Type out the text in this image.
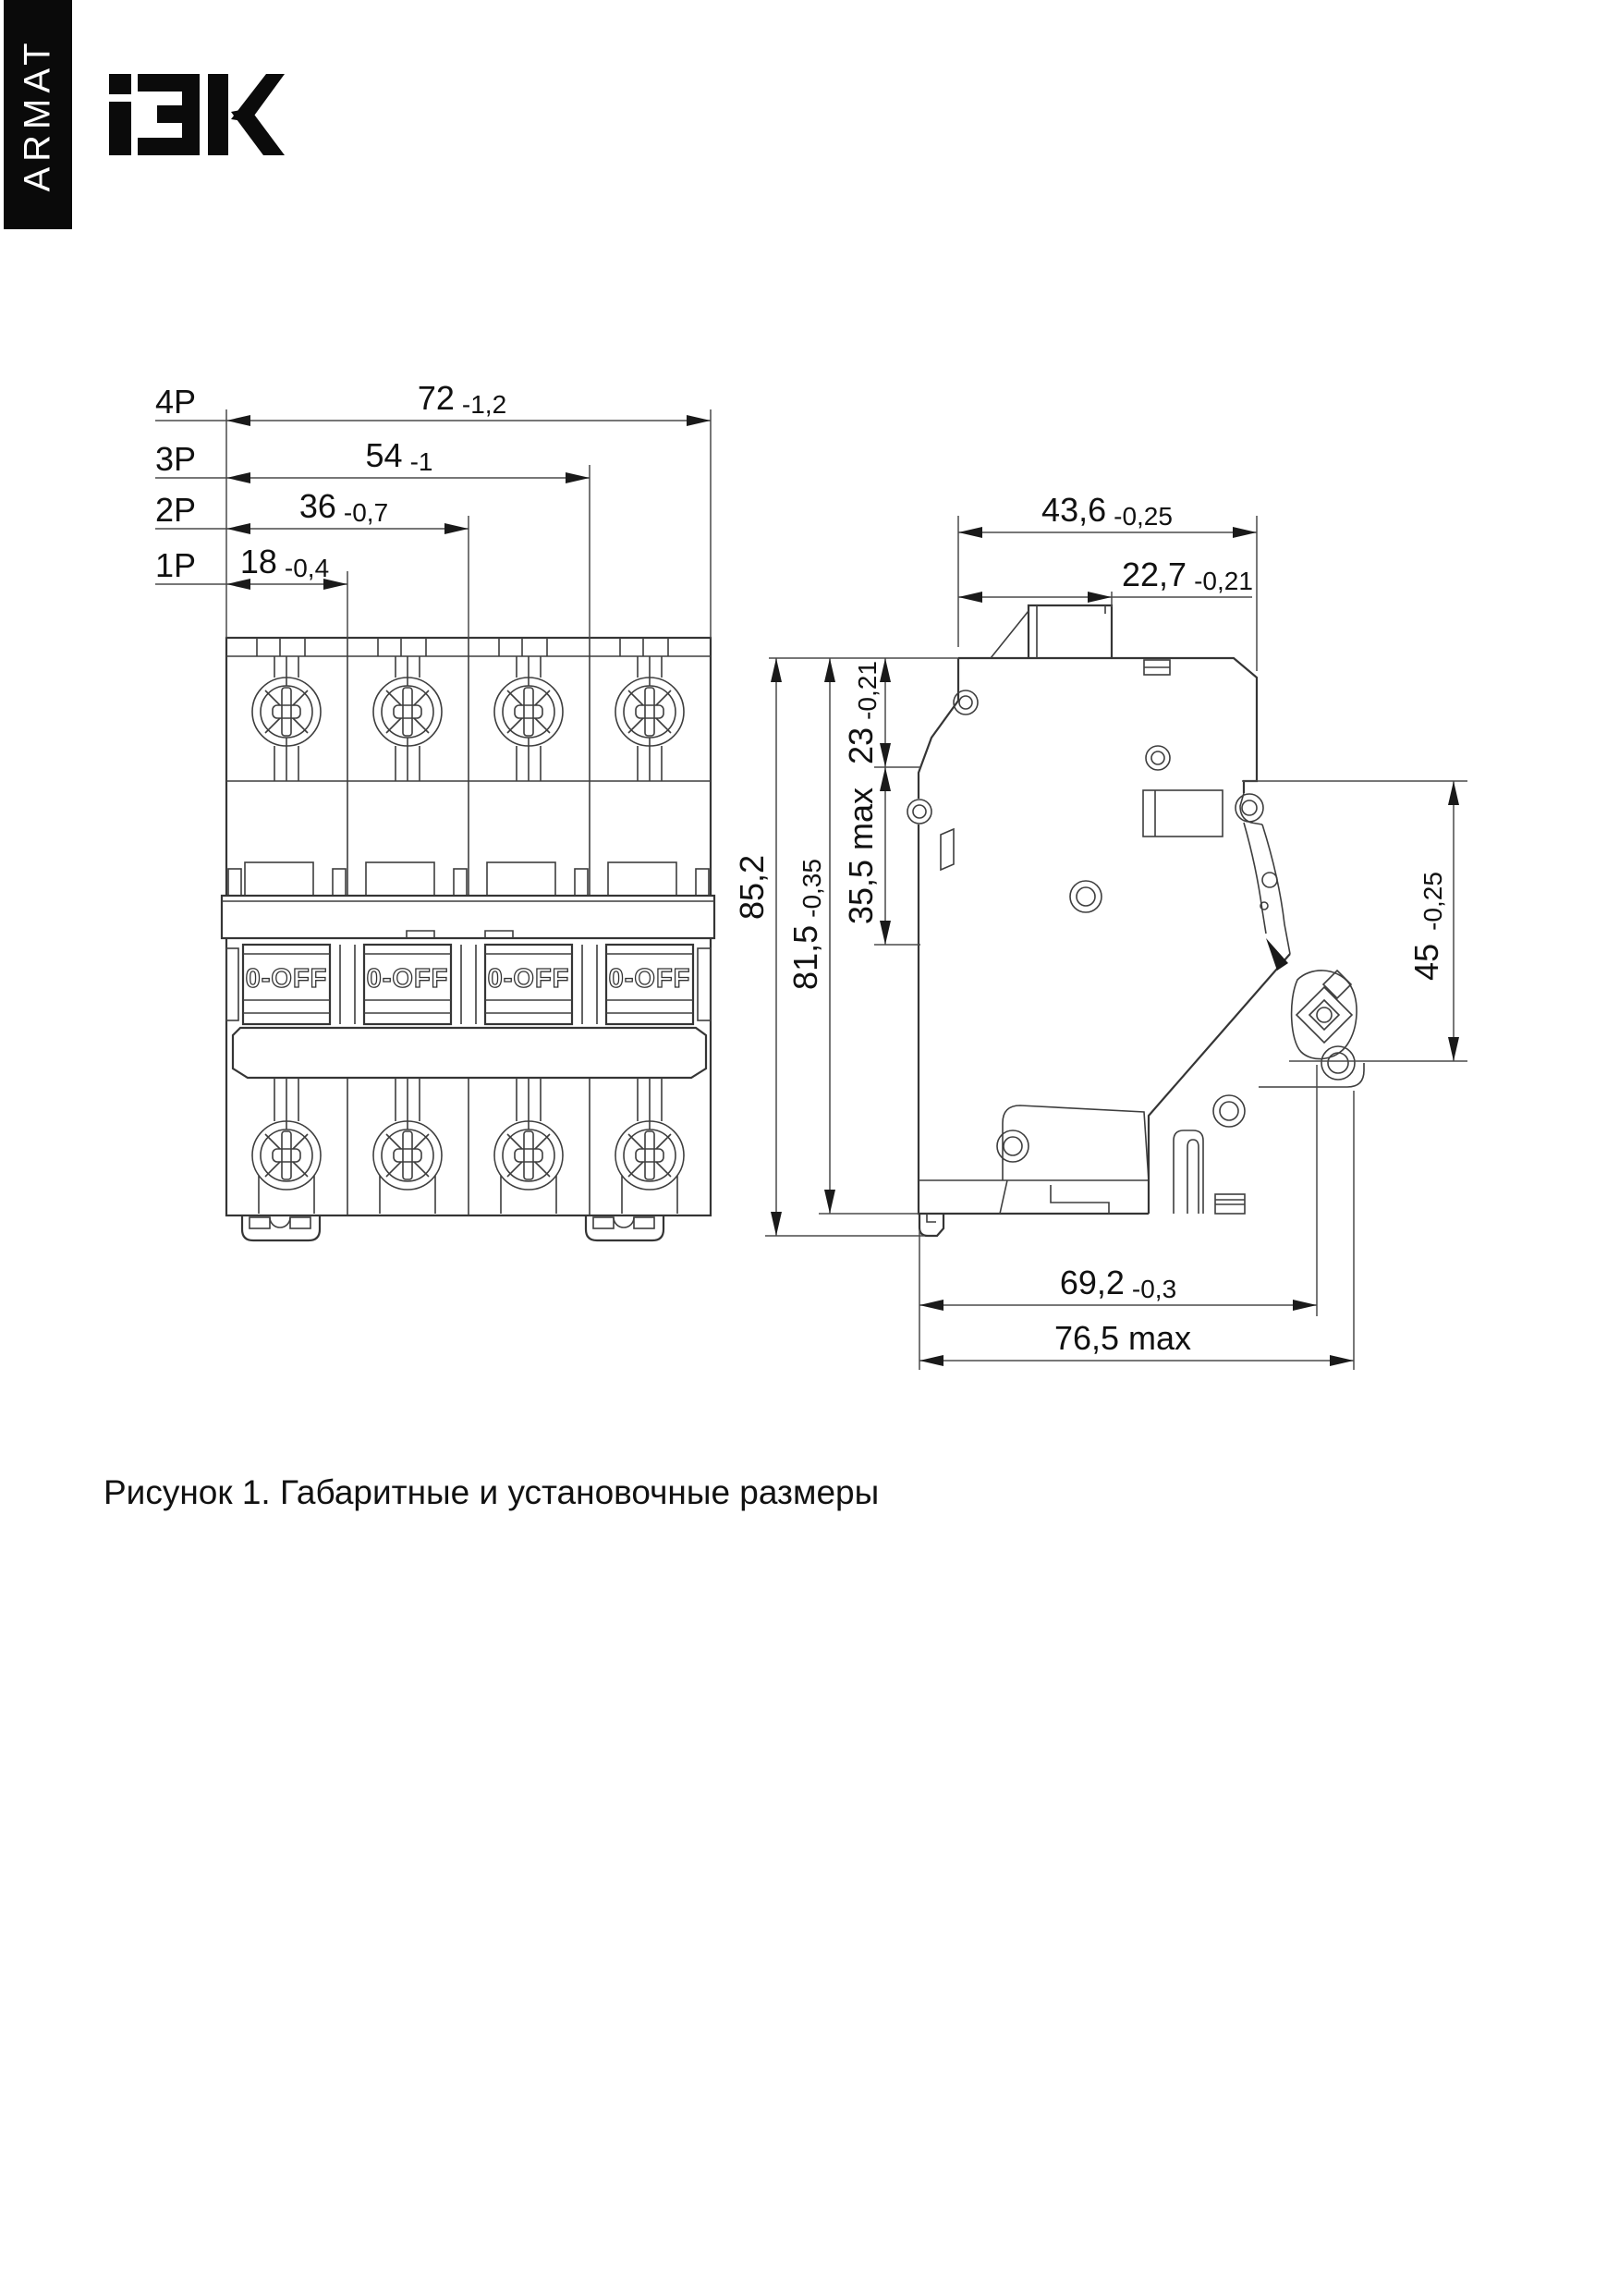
ARMAT
0-OFF 0-OFF 0-OFF 0-OFF
4P	72 -1,2
3P	54 -1
2P	36 -0,7
1P 18 -0,4
43,6 -0,25
22,7 -0,21
23-0,21
35,5 max
81,5-0,35
85,2
45-0,25
69,2 -0,3
76,5 max
Рисунок 1. Габаритные и установочные размеры
